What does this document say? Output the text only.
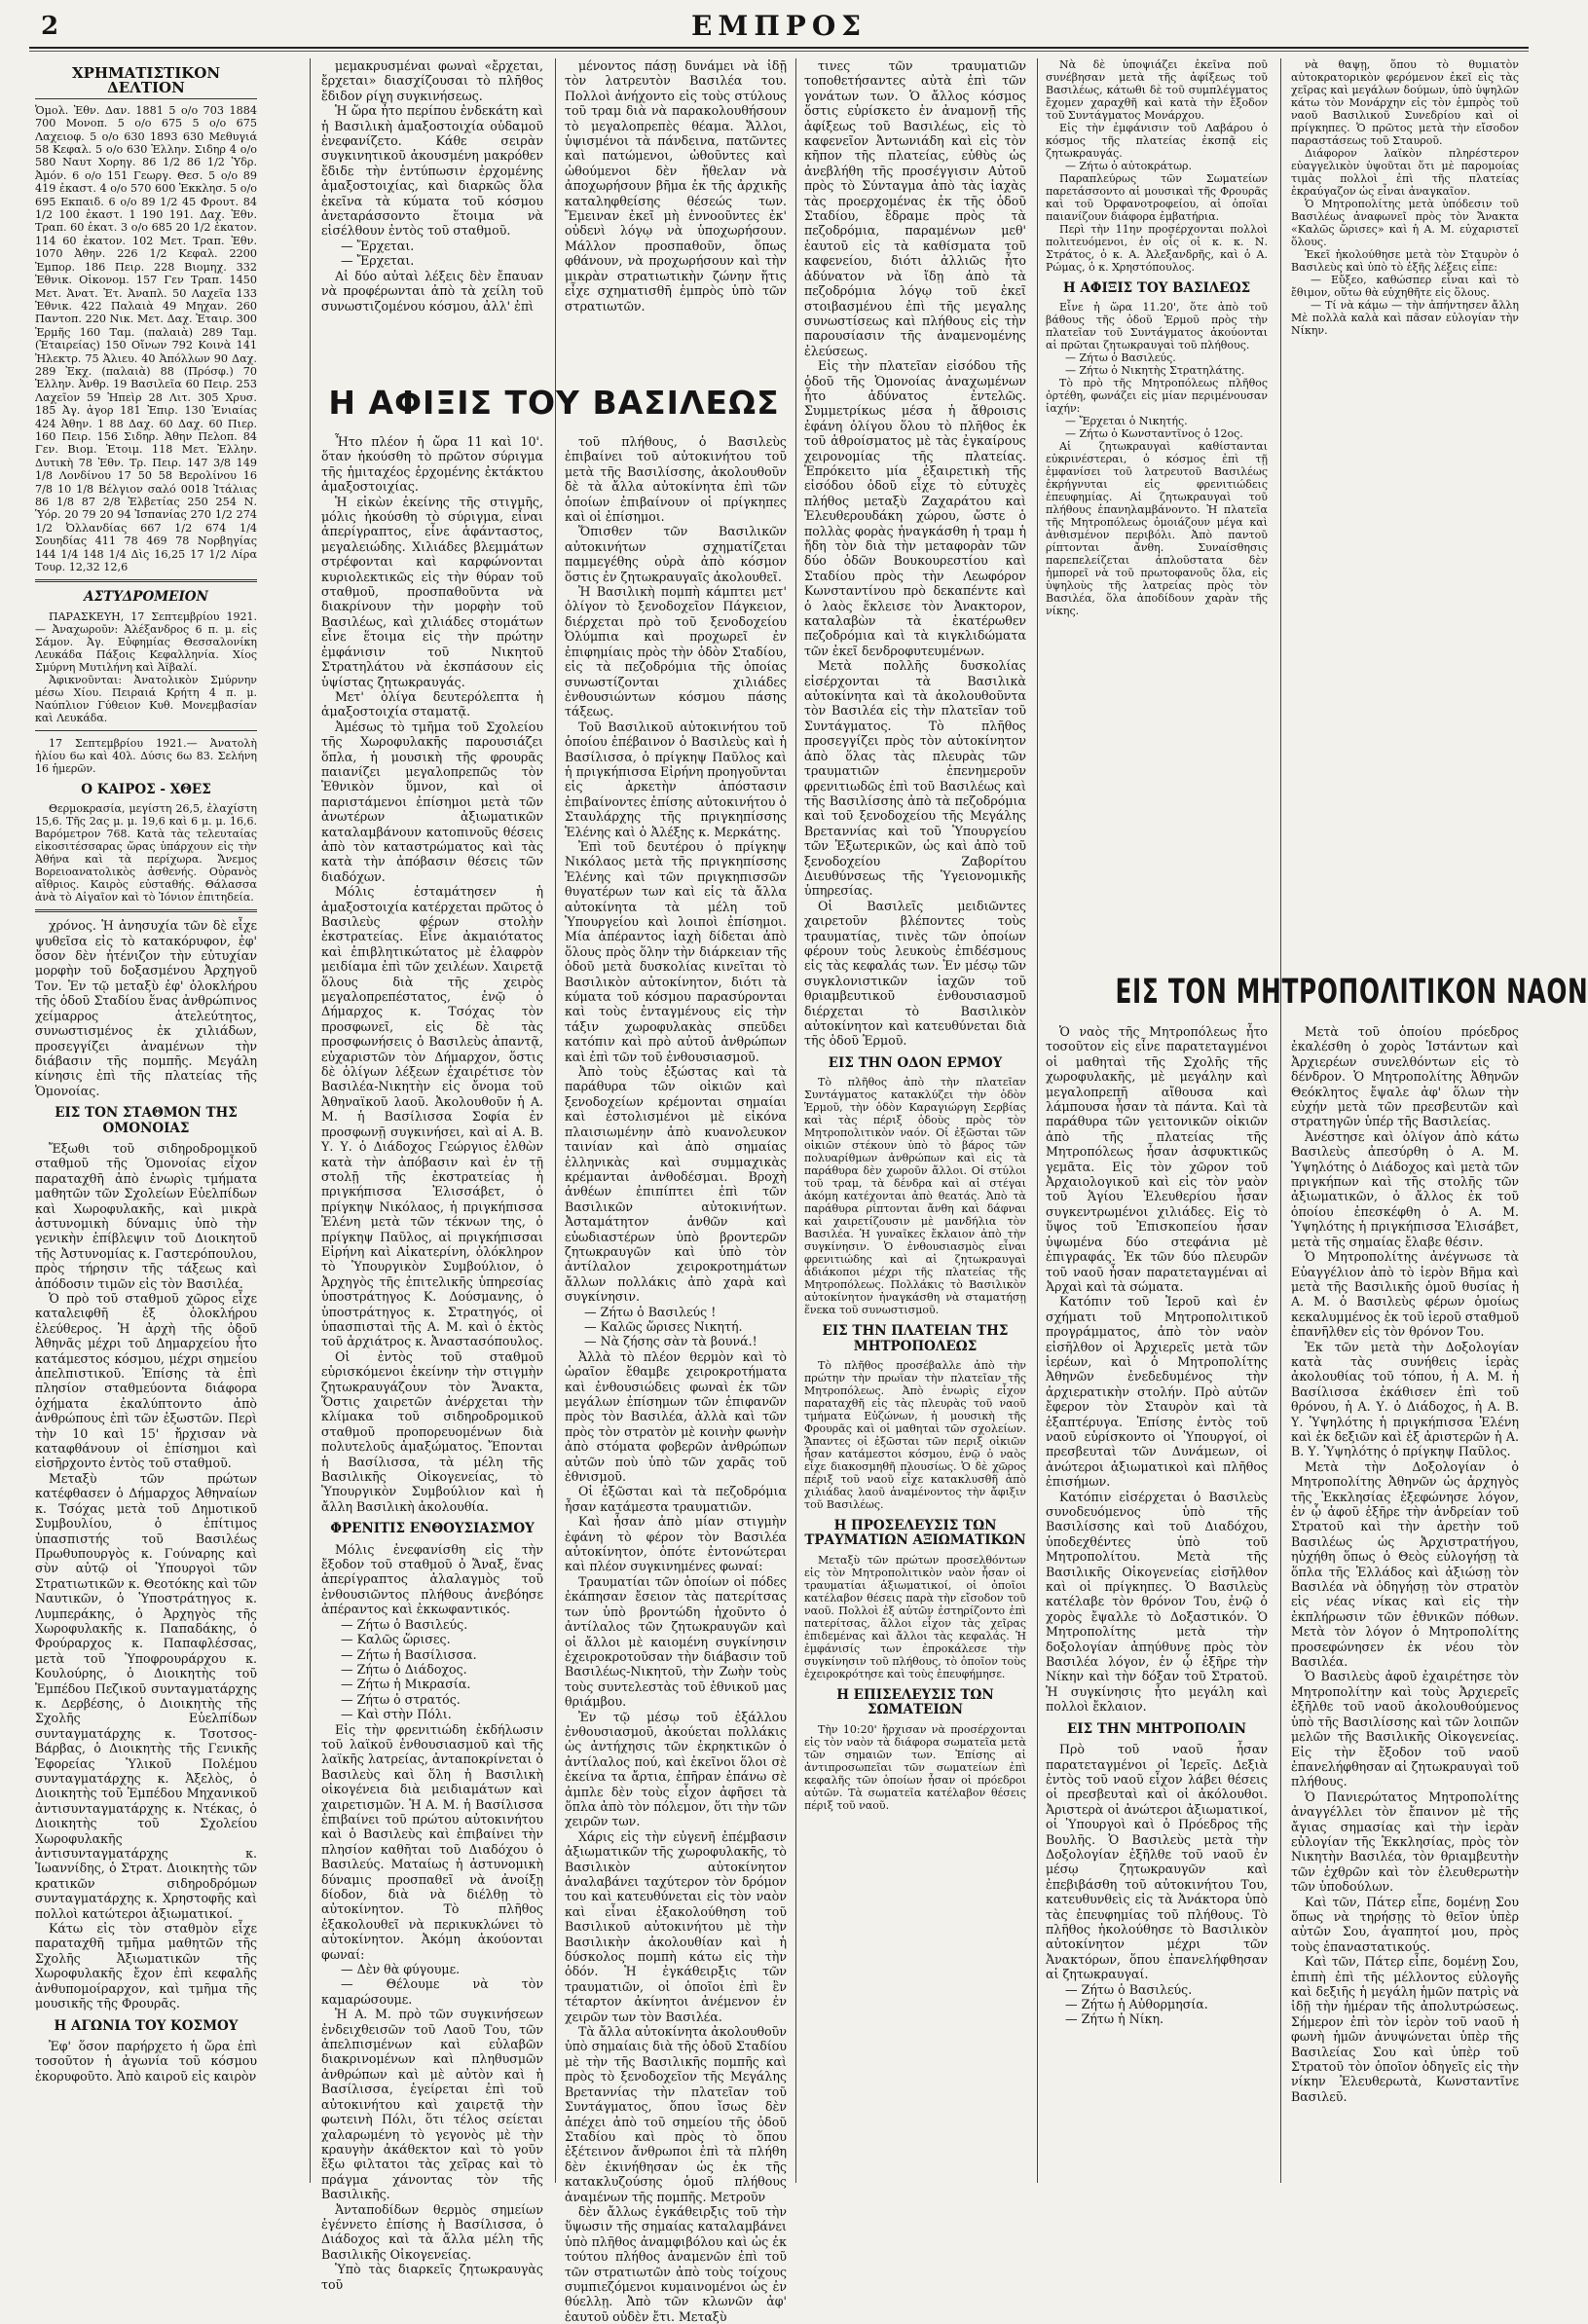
2	ΕΜΠΡΟΣ
ΧΡΗΜΑΤΙΣΤΙΚΟΝ ΔΕΛΤΙΟΝ

Ὁμολ. Ἐθν. Δαν. 1881 5 ο/ο 703 1884 700 Μονοπ. 5 ο/ο 675 5 ο/ο 675 Λαχειοφ. 5 ο/ο 630 1893 630 Μεθυγιά 58 Κεφαλ. 5 ο/ο 630 Ἑλλην. Σιδηρ 4 ο/ο 580 Ναυτ Χορηγ. 86 1/2 86 1/2 Ὑδρ. Ἀμόν. 6 ο/ο 151 Γεωργ. Θεσ. 5 ο/ο 89 419 ἐκαστ. 4 ο/ο 570 600 Ἐκκλησ. 5 ο/ο 695 Εκπαιδ. 6 ο/ο 89 1/2 45 Φρουτ. 84 1/2 100 ἐκαστ. 1 190 191. Δαχ. Ἐθν. Τραπ. 60 ἐκατ. 3 ο/ο 685 20 1/2 ἐκατον. 114 60 ἐκατον. 102 Μετ. Τραπ. Ἐθν. 1070 Ἀθην. 226 1/2 Κεφαλ. 2200 Ἐμπορ. 186 Πειρ. 228 Βιομηχ. 332 Ἐθνικ. Οἰκονομ. 157 Γεν Τραπ. 1450 Μετ. Ἀνατ. Ἐτ. Ἀναπλ. 50 Λαχεῖα 133 Ἐθνικ. 422 Παλαιὰ 49 Μηχαν. 260 Παντοπ. 220 Νικ. Μετ. Δαχ. Ἐταιρ. 300 Ἐρμῆς 160 Ταμ. (παλαιὰ) 289 Ταμ. (Ἑταιρείας) 150 Οἴνων 792 Κοινὰ 141 Ἠλεκτρ. 75 Ἀλιευ. 40 Ἀπόλλων 90 Δαχ. 289 Ἐκχ. (παλαιὰ) 88 (Πρόσφ.) 70 Ἑλλην. Ἀνθρ. 19 Βασιλεῖα 60 Πειρ. 253 Λαχεῖον 59 Ἡπεὶρ 28 Λιτ. 305 Χρυσ. 185 Ἀγ. ἀγορ 181 Ἐπιρ. 130 Ἐνιαίας 424 Ἀθην. 1 88 Δαχ. 60 Δαχ. 60 Πιερ. 160 Πειρ. 156 Σιδηρ. Ἀθην Πελοπ. 84 Γεν. Βιομ. Ἐτοιμ. 118 Μετ. Ἐλλην. Δυτικὴ 78 Ἐθν. Τρ. Πειρ. 147 3/8 149 1/8 Λονδίνου 17 50 58 Βερολίνου 16 7/8 10 1/8 Βέλγιον σαλό 0018 Ἰτάλιας 86 1/8 87 2/8 Ἑλβετίας 250 254 Ν. Ὑόρ. 20 79 20 94 Ἰσπανίας 270 1/2 274 1/2 Ὀλλανδίας 667 1/2 674 1/4 Σουηδίας 411 78 469 78 Νορβηγίας 144 1/4 148 1/4 Δὶς 16,25 17 1/2 Λίρα Τουρ. 12,32 12,6

ΑΣΤΥΔΡΟΜΕΙΟΝ

ΠΑΡΑΣΚΕΥΗ, 17 Σεπτεμβρίου 1921.— Ἀναχωροῦν: Ἀλέξανδρος 6 π. μ. εἰς Σάμον. Ἀγ. Εὐφημίας Θεσσαλονίκη Λευκάδα Πάξοις Κεφαλληνία. Χίος Σμύρνη Μυτιλήνη καὶ Ἀϊβαλί.

Ἀφικνοῦνται: Ἀνατολικὸν Σμύρνην μέσω Χίου. Πειραιά Κρήτη 4 π. μ. Ναύπλιον Γύθειον Κυθ. Μονεμβασίαν καὶ Λευκάδα.

17 Σεπτεμβρίου 1921.— Ἀνατολὴ ἡλίου 6ω καὶ 40λ. Δύσις 6ω 83. Σελήνη 16 ἡμερῶν.

Ο ΚΑΙΡΟΣ - ΧΘΕΣ

Θερμοκρασία, μεγίστη 26,5, ἐλαχίστη 15,6. Τῆς 2ας μ. μ. 19,6 καὶ 6 μ. μ. 16,6. Βαρόμετρον 768. Κατὰ τὰς τελευταίας εἰκοσιτέσσαρας ὥρας ὑπάρχουν εἰς τὴν Ἀθήνα καὶ τὰ περίχωρα. Ἄνεμος Βορειοανατολικὸς ἀσθενής. Οὐρανὸς αἴθριος. Καιρὸς εὐσταθής. Θάλασσα ἀνὰ τὸ Αἰγαῖον καὶ τὸ Ἰόνιον ἐπιτηδεία.

χρόνος. Ἡ ἀνησυχία τῶν δὲ εἶχε ψυθεῖσα εἰς τὸ κατακόρυφον, ἐφ' ὅσον δὲν ἠτένιζον τὴν εὐτυχίαν μορφὴν τοῦ δοξασμένου Ἀρχηγοῦ Τον. Ἐν τῷ μεταξὺ ἐφ' ὁλοκλήρου τῆς ὁδοῦ Σταδίου ἕνας ἀνθρώπινος χείμαρρος ἀτελεύτητος, συνωστισμένος ἐκ χιλιάδων, προσεγγίζει ἀναμένων τὴν διάβασιν τῆς πομπῆς. Μεγάλη κίνησις ἐπὶ τῆς πλατείας τῆς Ὁμονοίας.

ΕΙΣ ΤΟΝ ΣΤΑΘΜΟΝ ΤΗΣ ΟΜΟΝΟΙΑΣ

Ἔξωθι τοῦ σιδηροδρομικοῦ σταθμοῦ τῆς Ὁμονοίας εἶχον παραταχθῆ ἀπὸ ἐνωρὶς τμήματα μαθητῶν τῶν Σχολείων Εὐελπίδων καὶ Χωροφυλακῆς, καὶ μικρὰ ἀστυνομικὴ δύναμις ὑπὸ τὴν γενικὴν ἐπίβλεψιν τοῦ Διοικητοῦ τῆς Ἀστυνομίας κ. Γαστερόπουλου, πρὸς τήρησιν τῆς τάξεως καὶ ἀπόδοσιν τιμῶν εἰς τὸν Βασιλέα.

Ὁ πρὸ τοῦ σταθμοῦ χῶρος εἶχε καταλειφθῆ ἐξ ὁλοκλήρου ἐλεύθερος. Ἡ ἀρχὴ τῆς ὁδοῦ Ἀθηνᾶς μέχρι τοῦ Δημαρχείου ἦτο κατάμεστος κόσμου, μέχρι σημείου ἀπελπιστικοῦ. Ἐπίσης τὰ ἐπὶ πλησίον σταθμεύοντα διάφορα ὀχήματα ἐκαλύπτοντο ἀπὸ ἀνθρώπους ἐπὶ τῶν ἐξωστῶν. Περὶ τὴν 10 καὶ 15' ἤρχισαν νὰ καταφθάνουν οἱ ἐπίσημοι καὶ εἰσῆρχοντο ἐντὸς τοῦ σταθμοῦ.

Μεταξὺ τῶν πρώτων κατέφθασεν ὁ Δήμαρχος Ἀθηναίων κ. Τσόχας μετὰ τοῦ Δημοτικοῦ Συμβουλίου, ὁ ἐπίτιμος ὑπασπιστής τοῦ Βασιλέως Πρωθυπουργὸς κ. Γούναρης καὶ σὺν αὐτῷ οἱ Ὑπουργοὶ τῶν Στρατιωτικῶν κ. Θεοτόκης καὶ τῶν Ναυτικῶν, ὁ Ὑποστράτηγος κ. Λυμπεράκης, ὁ Ἀρχηγὸς τῆς Χωροφυλακῆς κ. Παπαδάκης, ὁ Φρούραρχος κ. Παπαφλέσσας, μετὰ τοῦ Ὑποφρουράρχου κ. Κουλούρης, ὁ Διοικητὴς τοῦ Ἐμπέδου Πεζικοῦ συνταγματάρχης κ. Δερβέσης, ὁ Διοικητὴς τῆς Σχολῆς Εὐελπίδων συνταγματάρχης κ. Τσοτσος-Βάρβας, ὁ Διοικητὴς τῆς Γενικῆς Ἐφορείας Ὑλικοῦ Πολέμου συνταγματάρχης κ. Ἀξελὸς, ὁ Διοικητὴς τοῦ Ἐμπέδου Μηχανικοῦ ἀντισυνταγματάρχης κ. Ντέκας, ὁ Διοικητὴς τοῦ Σχολείου Χωροφυλακῆς ἀντισυνταγματάρχης κ. Ἰωαννίδης, ὁ Στρατ. Διοικητὴς τῶν κρατικῶν σιδηροδρόμων συνταγματάρχης κ. Χρηστοφῆς καὶ πολλοὶ κατώτεροι ἀξιωματικοί.

Κάτω εἰς τὸν σταθμὸν εἶχε παραταχθῆ τμῆμα μαθητῶν τῆς Σχολῆς Ἀξιωματικῶν τῆς Χωροφυλακῆς ἔχον ἐπὶ κεφαλῆς ἀνθυπομοίραρχον, καὶ τμῆμα τῆς μουσικῆς τῆς Φρουρᾶς.

Η ΑΓΩΝΙΑ ΤΟΥ ΚΟΣΜΟΥ

Ἐφ' ὅσον παρήρχετο ἡ ὥρα ἐπὶ τοσοῦτον ἡ ἀγωνία τοῦ κόσμου ἐκορυφοῦτο. Ἀπὸ καιροῦ εἰς καιρὸν

μεμακρυσμέναι φωναὶ «ἔρχεται, ἔρχεται» διασχίζουσαι τὸ πλῆθος ἔδιδον ρίγη συγκινήσεως.

Ἡ ὥρα ἦτο περίπου ἐνδεκάτη καὶ ἡ Βασιλικὴ ἁμαξοστοιχία οὐδαμοῦ ἐνεφανίζετο. Κάθε σειρὰν συγκινητικοῦ ἀκουσμένη μακρόθεν ἔδιδε τὴν ἐντύπωσιν ἐρχομένης ἁμαξοστοιχίας, καὶ διαρκῶς ὅλα ἐκεῖνα τὰ κύματα τοῦ κόσμου ἀνεταράσσοντο ἕτοιμα νὰ εἰσέλθουν ἐντὸς τοῦ σταθμοῦ.

— Ἔρχεται.

— Ἔρχεται.

Αἱ δύο αὐταὶ λέξεις δὲν ἔπαυαν νὰ προφέρωνται ἀπὸ τὰ χείλη τοῦ συνωστιζομένου κόσμου, ἀλλ' ἐπὶ

μένοντος πάσῃ δυνάμει νὰ ἰδῇ τὸν λατρευτὸν Βασιλέα του. Πολλοὶ ἀνήχοντο εἰς τοὺς στύλους τοῦ τραμ διὰ νὰ παρακολουθήσουν τὸ μεγαλοπρεπὲς θέαμα. Ἄλλοι, ὑψισμένοι τὰ πάνδεινα, πατῶντες καὶ πατώμενοι, ὠθοῦντες καὶ ὠθούμενοι δὲν ἤθελαν νὰ ἀποχωρήσουν βῆμα ἐκ τῆς ἀρχικῆς καταληφθείσης θέσεώς των. Ἔμειναν ἐκεῖ μὴ ἐννοοῦντες ἐκ' οὐδενὶ λόγῳ νὰ ὑποχωρήσουν. Μάλλον προσπαθοῦν, ὅπως φθάνουν, νὰ προχωρήσουν καὶ τὴν μικρὰν στρατιωτικὴν ζώνην ἥτις εἶχε σχηματισθῆ ἐμπρὸς ὑπὸ τῶν στρατιωτῶν.

Η ΑΦΙΞΙΣ ΤΟΥ ΒΑΣΙΛΕΩΣ

Ἦτο πλέον ἡ ὥρα 11 καὶ 10'. ὅταν ἠκούσθη τὸ πρῶτον σύριγμα τῆς ἡμιταχέος ἐρχομένης ἐκτάκτου ἁμαξοστοιχίας.

Ἡ εἰκὼν ἐκείνης τῆς στιγμῆς, μόλις ἠκούσθη τὸ σύριγμα, εἶναι ἀπερίγραπτος, εἶνε ἀφάνταστος, μεγαλειώδης. Χιλιάδες βλεμμάτων στρέφονται καὶ καρφώνονται κυριολεκτικῶς εἰς τὴν θύραν τοῦ σταθμοῦ, προσπαθοῦντα νὰ διακρίνουν τὴν μορφὴν τοῦ Βασιλέως, καὶ χιλιάδες στομάτων εἶνε ἕτοιμα εἰς τὴν πρώτην ἐμφάνισιν τοῦ Νικητοῦ Στρατηλάτου νὰ ἐκσπάσουν εἰς ὑψίστας ζητωκραυγάς.

Μετ' ὀλίγα δευτερόλεπτα ἡ ἁμαξοστοιχία σταματᾷ.

Ἀμέσως τὸ τμῆμα τοῦ Σχολείου τῆς Χωροφυλακῆς παρουσιάζει ὅπλα, ἡ μουσικὴ τῆς φρουρᾶς παιανίζει μεγαλοπρεπῶς τὸν Ἐθνικὸν ὕμνον, καὶ οἱ παριστάμενοι ἐπίσημοι μετὰ τῶν ἀνωτέρων ἀξιωματικῶν καταλαμβάνουν κατοπινοῦς θέσεις ἀπὸ τὸν καταστρώματος καὶ τὰς κατὰ τὴν ἀπόβασιν θέσεις τῶν διαδόχων.

Μόλις ἐσταμάτησεν ἡ ἁμαξοστοιχία κατέρχεται πρῶτος ὁ Βασιλεὺς φέρων στολὴν ἐκστρατείας. Εἶνε ἀκμαιότατος καὶ ἐπιβλητικώτατος μὲ ἐλαφρὸν μειδίαμα ἐπὶ τῶν χειλέων. Χαιρετᾷ ὅλους διὰ τῆς χειρὸς μεγαλοπρεπέστατος, ἐνῷ ὁ Δήμαρχος κ. Τσόχας τὸν προσφωνεῖ, εἰς δὲ τὰς προσφωνήσεις ὁ Βασιλεὺς ἀπαντᾷ, εὐχαριστῶν τὸν Δήμαρχον, ὅστις δὲ ὁλίγων λέξεων ἐχαιρέτισε τὸν Βασιλέα-Νικητὴν εἰς ὄνομα τοῦ Ἀθηναϊκοῦ λαοῦ. Ἀκολουθοῦν ἡ Α. Μ. ἡ Βασίλισσα Σοφία ἐν προσφωνῇ συγκινήσει, καὶ αἱ Α. Β. Υ. Υ. ὁ Διάδοχος Γεώργιος ἐλθὼν κατὰ τὴν ἀπόβασιν καὶ ἐν τῇ στολῇ τῆς ἐκστρατείας ἡ πριγκήπισσα Ἐλισσάβετ, ὁ πρίγκηψ Νικόλαος, ἡ πριγκήπισσα Ἑλένη μετὰ τῶν τέκνων της, ὁ πρίγκηψ Παῦλος, αἱ πριγκήπισσαι Εἰρήνη καὶ Αἰκατερίνη, ὁλόκληρον τὸ Ὑπουργικὸν Συμβούλιον, ὁ Ἀρχηγὸς τῆς ἐπιτελικῆς ὑπηρεσίας ὑποστράτηγος Κ. Δούσμανης, ὁ ὑποστράτηγος κ. Στρατηγός, οἱ ὑπασπισταὶ τῆς Α. Μ. καὶ ὁ ἐκτὸς τοῦ ἀρχιάτρος κ. Ἀναστασόπουλος.

Οἱ ἐντὸς τοῦ σταθμοῦ εὑρισκόμενοι ἐκείνην τὴν στιγμὴν ζητωκραυγάζουν τὸν Ἄνακτα, Ὅστις χαιρετῶν ἀνέρχεται τὴν κλίμακα τοῦ σιδηροδρομικοῦ σταθμοῦ προπορευομένων διὰ πολυτελοῦς ἁμαξώματος. Ἔπονται ἡ Βασίλισσα, τὰ μέλη τῆς Βασιλικῆς Οἰκογενείας, τὸ Ὑπουργικὸν Συμβούλιον καὶ ἡ ἄλλη Βασιλικὴ ἀκολουθία.

ΦΡΕΝΙΤΙΣ ΕΝΘΟΥΣΙΑΣΜΟΥ

Μόλις ἐνεφανίσθη εἰς τὴν ἔξοδον τοῦ σταθμοῦ ὁ Ἄναξ, ἕνας ἀπερίγραπτος ἀλαλαγμὸς τοῦ ἐνθουσιῶντος πλήθους ἀνεβόησε ἀπέραντος καὶ ἐκκωφαντικός.

— Ζήτω ὁ Βασιλεύς.

— Καλῶς ὥρισες.

— Ζήτω ἡ Βασίλισσα.

— Ζήτω ὁ Διάδοχος.

— Ζήτω ἡ Μικρασία.

— Ζήτω ὁ στρατός.

— Καὶ στὴν Πόλι.

Εἰς τὴν φρενιτιώδη ἐκδήλωσιν τοῦ λαϊκοῦ ἐνθουσιασμοῦ καὶ τῆς λαϊκῆς λατρείας, ἀνταποκρίνεται ὁ Βασιλεὺς καὶ ὅλη ἡ Βασιλικὴ οἰκογένεια διὰ μειδιαμάτων καὶ χαιρετισμῶν. Ἡ Α. Μ. ἡ Βασίλισσα ἐπιβαίνει τοῦ πρώτου αὐτοκινήτου καὶ ὁ Βασιλεὺς καὶ ἐπιβαίνει τὴν πλησίον καθῆται τοῦ Διαδόχου ὁ Βασιλεύς. Ματαίως ἡ ἀστυνομικὴ δύναμις προσπαθεῖ νὰ ἀνοίξῃ δίοδον, διὰ νὰ διέλθῃ τὸ αὐτοκίνητον. Τὸ πλῆθος ἐξακολουθεῖ νὰ περικυκλώνει τὸ αὐτοκίνητον. Ἀκόμη ἀκούονται φωναί:

— Δὲν θὰ φύγουμε.

— Θέλουμε νὰ τὸν καμαρώσουμε.

Ἡ Α. Μ. πρὸ τῶν συγκινήσεων ἐνδειχθεισῶν τοῦ Λαοῦ Του, τῶν ἀπελπισμένων καὶ εὐλαβῶν διακρινομένων καὶ πληθυσμῶν ἀνθρώπων καὶ μὲ αὐτὸν καὶ ἡ Βασίλισσα, ἐγείρεται ἐπὶ τοῦ αὐτοκινήτου καὶ χαιρετᾷ τὴν φωτεινὴ Πόλι, ὅτι τέλος σείεται χαλαρωμένη τὸ γεγονὸς μὲ τὴν κραυγὴν ἀκάθεκτον καὶ τὸ γοῦν ἔξω φιλτατοι τὰς χεῖρας καὶ τὸ πράγμα χάνοντας τὸν τῆς Βασιλικῆς.

Ἀνταποδίδων θερμὸς σημείων ἐγέννετο ἐπίσης ἡ Βασίλισσα, ὁ Διάδοχος καὶ τὰ ἄλλα μέλη τῆς Βασιλικῆς Οἰκογενείας.

Ὑπὸ τὰς διαρκεῖς ζητωκραυγὰς τοῦ

τοῦ πλήθους, ὁ Βασιλεὺς ἐπιβαίνει τοῦ αὐτοκινήτου τοῦ μετὰ τῆς Βασιλίσσης, ἀκολουθοῦν δὲ τὰ ἄλλα αὐτοκίνητα ἐπὶ τῶν ὁποίων ἐπιβαίνουν οἱ πρίγκηπες καὶ οἱ ἐπίσημοι.

Ὅπισθεν τῶν Βασιλικῶν αὐτοκινήτων σχηματίζεται παμμεγέθης οὐρὰ ἀπὸ κόσμον ὅστις ἐν ζητωκραυγαῖς ἀκολουθεῖ.

Ἡ Βασιλικὴ πομπὴ κάμπτει μετ' ὀλίγον τὸ ξενοδοχεῖον Πάγκειον, διέρχεται πρὸ τοῦ ξενοδοχείου Ὀλύμπια καὶ προχωρεῖ ἐν ἐπιφημίαις πρὸς τὴν ὁδὸν Σταδίου, εἰς τὰ πεζοδρόμια τῆς ὁποίας συνωστίζονται χιλιάδες ἐνθουσιώντων κόσμου πάσης τάξεως.

Τοῦ Βασιλικοῦ αὐτοκινήτου τοῦ ὁποίου ἐπέβαινον ὁ Βασιλεὺς καὶ ἡ Βασίλισσα, ὁ πρίγκηψ Παῦλος καὶ ἡ πριγκήπισσα Εἰρήνη προηγοῦνται εἰς ἀρκετὴν ἀπόστασιν ἐπιβαίνοντες ἐπίσης αὐτοκινήτου ὁ Σταυλάρχης τῆς πριγκηπίσσης Ἑλένης καὶ ὁ Ἀλέξης κ. Μερκάτης.

Ἐπὶ τοῦ δευτέρου ὁ πρίγκηψ Νικόλαος μετὰ τῆς πριγκηπίσσης Ἑλένης καὶ τῶν πριγκηπισσῶν θυγατέρων των καὶ εἰς τὰ ἄλλα αὐτοκίνητα τὰ μέλη τοῦ Ὑπουργείου καὶ λοιποὶ ἐπίσημοι. Μία ἀπέραντος ἰαχὴ δίδεται ἀπὸ ὅλους πρὸς ὅλην τὴν διάρκειαν τῆς ὁδοῦ μετὰ δυσκολίας κινεῖται τὸ Βασιλικὸν αὐτοκίνητον, διότι τὰ κύματα τοῦ κόσμου παρασύρονται καὶ τοὺς ἐνταγμένους εἰς τὴν τάξιν χωροφυλακὰς σπεῦδει κατόπιν καὶ πρὸ αὐτοῦ ἀνθρώπων καὶ ἐπὶ τῶν τοῦ ἐνθουσιασμοῦ.

Ἀπὸ τοὺς ἐξώστας καὶ τὰ παράθυρα τῶν οἰκιῶν καὶ ξενοδοχείων κρέμονται σημαίαι καὶ ἐστολισμένοι μὲ εἰκόνα πλαισιωμένην ἀπὸ κυανολευκον ταινίαν καὶ ἀπὸ σημαίας ἑλληνικὰς καὶ συμμαχικὰς κρέμανται ἀνθοδέσμαι. Βροχὴ ἀνθέων ἐπιπίπτει ἐπὶ τῶν Βασιλικῶν αὐτοκινήτων. Ἀσταμάτητον ἀνθῶν καὶ εὐωδιαστέρων ὑπὸ βροντερῶν ζητωκραυγῶν καὶ ὑπὸ τὸν ἀντίλαλον χειροκροτημάτων ἄλλων πολλάκις ἀπὸ χαρὰ καὶ συγκίνησιν.

— Ζήτω ὁ Βασιλεύς !

— Καλῶς ὥρισες Νικητή.

— Νὰ ζήσης σὰν τὰ βουνά.!

Ἀλλὰ τὸ πλέον θερμὸν καὶ τὸ ὡραῖον ἔθαμβε χειροκροτήματα καὶ ἐνθουσιώδεις φωναὶ ἐκ τῶν μεγάλων ἐπίσημων τῶν ἐπιφανῶν πρὸς τὸν Βασιλέα, ἀλλὰ καὶ τῶν πρὸς τὸν στρατὸν μὲ κοινὴν φωνὴν ἀπὸ στόματα φοβερῶν ἀνθρώπων αὐτῶν ποὺ ὑπὸ τῶν χαρᾶς τοῦ ἐθνισμοῦ.

Οἱ ἐξῶσται καὶ τὰ πεζοδρόμια ἦσαν κατάμεστα τραυματιῶν.

Καὶ ἦσαν ἀπὸ μίαν στιγμὴν ἐφάνη τὸ φέρον τὸν Βασιλέα αὐτοκίνητον, ὁπότε ἐντονώτεραι καὶ πλέον συγκινημένες φωναί:

Τραυματίαι τῶν ὁποίων οἱ πόδες ἐκάπησαν ἔσειον τὰς πατερίτσας των ὑπὸ βροντώδη ἠχοῦντο ὁ ἀντίλαλος τῶν ζητωκραυγῶν καὶ οἱ ἄλλοι μὲ καιομένη συγκίνησιν ἐχειροκροτοῦσαν τὴν διάβασιν τοῦ Βασιλέως-Νικητοῦ, τὴν Ζωὴν τοὺς τοὺς συντελεστὰς τοῦ ἐθνικοῦ μας θριάμβου.

Ἐν τῷ μέσῳ τοῦ ἐξάλλου ἐνθουσιασμοῦ, ἀκούεται πολλάκις ὡς ἀντήχησις τῶν ἐκρηκτικῶν ὁ ἀντίλαλος πού, καὶ ἐκεῖνοι ὅλοι σὲ ἐκείνα τα ἄρτια, ἐπῆραν ἐπάνω σὲ ἀμπλε δὲν τοὺς εἶχον ἀφῆσει τὰ ὅπλα ἀπὸ τὸν πόλεμον, ὅτι τὴν τῶν χειρῶν των.

Χάρις εἰς τὴν εὐγενῆ ἐπέμβασιν ἀξιωματικῶν τῆς χωροφυλακῆς, τὸ Βασιλικὸν αὐτοκίνητον ἀναλαβάνει ταχύτερον τὸν δρόμον του καὶ κατευθύνεται εἰς τὸν ναὸν καὶ εἶναι ἐξακολούθηση τοῦ Βασιλικοῦ αὐτοκινήτου μὲ τὴν Βασιλικὴν ἀκολουθίαν καὶ ἡ δύσκολος πομπὴ κάτω εἰς τὴν ὁδόν. Ἡ ἐγκάθειρξις τῶν τραυματιῶν, οἱ ὁποῖοι ἐπὶ ἓν τέταρτον ἀκίνητοι ἀνέμενον ἐν χειρῶν των τὸν Βασιλέα.

Τὰ ἄλλα αὐτοκίνητα ἀκολουθοῦν ὑπὸ σημαίαις διὰ τῆς ὁδοῦ Σταδίου μὲ τὴν τῆς Βασιλικῆς πομπῆς καὶ πρὸς τὸ ξενοδοχεῖον τῆς Μεγάλης Βρεταννίας τὴν πλατεῖαν τοῦ Συντάγματος, ὅπου ἴσως δὲν ἀπέχει ἀπὸ τοῦ σημείου τῆς ὁδοῦ Σταδίου καὶ πρὸς τὸ ὅπου ἐξέτεινον ἄνθρωποι ἐπὶ τὰ πλήθη δὲν ἐκινήθησαν ὡς ἐκ τῆς κατακλυζούσης ὁμοῦ πλήθους ἀναμένων τῆς πομπῆς. Μετροῦν

δὲν ἄλλως ἐγκάθειρξις τοῦ τὴν ὕψωσιν τῆς σημαίας καταλαμβάνει ὑπὸ πλῆθος ἀναμφιβόλου καὶ ὡς ἐκ τούτου πλήθος ἀναμενῶν ἐπὶ τοῦ τῶν στρατιωτῶν ἀπὸ τοὺς τοίχους συμπιεζόμενοι κυμαινομένοι ὡς ἐν θύελλῃ. Ἀπὸ τῶν κλωνῶν ἀφ' ἑαυτοῦ οὐδὲν ἔτι. Μεταξὺ

τινες τῶν τραυματιῶν τοποθετήσαντες αὐτὰ ἐπὶ τῶν γονάτων των. Ὁ ἄλλος κόσμος ὅστις εὑρίσκετο ἐν ἀναμονῇ τῆς ἀφίξεως τοῦ Βασιλέως, εἰς τὸ καφενεῖον Ἀντωνιάδη καὶ εἰς τὸν κῆπον τῆς πλατείας, εὐθὺς ὡς ἀνεβλήθη τῆς προσέγγισιν Αὐτοῦ πρὸς τὸ Σύνταγμα ἀπὸ τὰς ἰαχὰς τὰς προερχομένας ἐκ τῆς ὁδοῦ Σταδίου, ἔδραμε πρὸς τὰ πεζοδρόμια, παραμένων μεθ' ἑαυτοῦ εἰς τὰ καθίσματα τοῦ καφενείου, διότι ἀλλιῶς ἦτο ἀδύνατον νὰ ἴδῃ ἀπὸ τὰ πεζοδρόμια λόγῳ τοῦ ἐκεῖ στοιβασμένου ἐπὶ τῆς μεγαλης συνωστίσεως καὶ πλήθους εἰς τὴν παρουσίασιν τῆς ἀναμενομένης ἐλεύσεως.

Εἰς τὴν πλατεῖαν εἰσόδου τῆς ὁδοῦ τῆς Ὁμονοίας ἀναχωμένων ἦτο ἀδύνατος ἐντελῶς. Συμμετρίκως μέσα ἡ ἄθροισις ἐφάνη ὀλίγου ὅλου τὸ πλῆθος ἐκ τοῦ ἀθροίσματος μὲ τὰς ἐγκαίρους χειρονομίας τῆς πλατείας. Ἐπρόκειτο μία ἐξαιρετικὴ τῆς εἰσόδου ὁδοῦ εἶχε τὸ εὐτυχὲς πλήθος μεταξὺ Ζαχαράτου καὶ Ἑλευθερουδάκη χώρου, ὥστε ὁ πολλὰς φορὰς ἠναγκάσθη ἡ τραμ ἡ ἤδη τὸν διὰ τὴν μεταφορὰν τῶν δύο ὁδῶν Βουκουρεστίου καὶ Σταδίου πρὸς τὴν Λεωφόρον Κωνσταντίνου πρὸ δεκαπέντε καὶ ὁ λαὸς ἕκλεισε τὸν Ἀνακτορον, καταλαβὼν τὰ ἑκατέρωθεν πεζοδρόμια καὶ τὰ κιγκλιδώματα τῶν ἐκεῖ δενδροφυτευμένων.

Μετὰ πολλῆς δυσκολίας εἰσέρχονται τὰ Βασιλικὰ αὐτοκίνητα καὶ τὰ ἀκολουθοῦντα τὸν Βασιλέα εἰς τὴν πλατεῖαν τοῦ Συντάγματος. Τὸ πλῆθος προσεγγίζει πρὸς τὸν αὐτοκίνητον ἀπὸ ὅλας τὰς πλευρὰς τῶν τραυματιῶν ἐπενημεροῦν φρενιτιωδῶς ἐπὶ τοῦ Βασιλέως καὶ τῆς Βασιλίσσης ἀπὸ τὰ πεζοδρόμια καὶ τοῦ ξενοδοχείου τῆς Μεγάλης Βρεταννίας καὶ τοῦ Ὑπουργείου τῶν Ἐξωτερικῶν, ὡς καὶ ἀπὸ τοῦ ξενοδοχείου Ζαβορίτου Διευθύνσεως τῆς Ὑγειονομικῆς ὑπηρεσίας.

Οἱ Βασιλεῖς μειδιῶντες χαιρετοῦν βλέποντες τοὺς τραυματίας, τινὲς τῶν ὁποίων φέρουν τοὺς λευκοὺς ἐπιδέσμους εἰς τὰς κεφαλάς των. Ἐν μέσῳ τῶν συγκλονιστικῶν ἰαχῶν τοῦ θριαμβευτικοῦ ἐνθουσιασμοῦ διέρχεται τὸ Βασιλικὸν αὐτοκίνητον καὶ κατευθύνεται διὰ τῆς ὁδοῦ Ἑρμοῦ.

ΕΙΣ ΤΗΝ ΟΔΟΝ ΕΡΜΟΥ

Τὸ πλῆθος ἀπὸ τὴν πλατεῖαν Συντάγματος κατακλύζει τὴν ὁδὸν Ἑρμοῦ, τὴν ὁδὸν Καραγιώργη Σερβίας καὶ τὰς πέριξ ὁδοὺς πρὸς τὸν Μητροπολιτικὸν ναόν. Οἱ ἐξῶσται τῶν οἰκιῶν στέκουν ὑπὸ τὸ βάρος τῶν πολυαρίθμων ἀνθρώπων καὶ εἰς τὰ παράθυρα δὲν χωροῦν ἄλλοι. Οἱ στύλοι τοῦ τραμ, τὰ δένδρα καὶ αἱ στέγαι ἀκόμη κατέχονται ἀπὸ θεατάς. Ἀπὸ τὰ παράθυρα ρίπτονται ἄνθη καὶ δάφναι καὶ χαιρετίζουσιν μὲ μανδήλια τὸν Βασιλέα. Ἡ γυναῖκες ἔκλαιον ἀπὸ τὴν συγκίνησιν. Ὁ ἐνθουσιασμὸς εἶναι φρενιτιώδης καὶ αἱ ζητωκραυγαὶ ἀδιάκοποι μέχρι τῆς πλατείας τῆς Μητροπόλεως. Πολλάκις τὸ Βασιλικὸν αὐτοκίνητον ἠναγκάσθη νὰ σταματήσῃ ἕνεκα τοῦ συνωστισμοῦ.

ΕΙΣ ΤΗΝ ΠΛΑΤΕΙΑΝ ΤΗΣ ΜΗΤΡΟΠΟΛΕΩΣ

Τὸ πλῆθος προσέβαλλε ἀπὸ τὴν πρώτην τὴν πρωΐαν τὴν πλατεῖαν τῆς Μητροπόλεως. Ἀπὸ ἐνωρὶς εἶχον παραταχθῆ εἰς τὰς πλευρὰς τοῦ ναοῦ τμήματα Εὐζώνων, ἡ μουσικὴ τῆς Φρουρᾶς καὶ οἱ μαθηταὶ τῶν σχολείων. Ἅπαντες οἱ ἐξῶσται τῶν περιξ οἰκιῶν ἦσαν κατάμεστοι κόσμου, ἐνῷ ὁ ναὸς εἶχε διακοσμηθῆ πλουσίως. Ὁ δὲ χῶρος πέριξ τοῦ ναοῦ εἶχε κατακλυσθῆ ἀπὸ χιλιάδας λαοῦ ἀναμένοντος τὴν ἄφιξιν τοῦ Βασιλέως.

Η ΠΡΟΣΕΛΕΥΣΙΣ ΤΩΝ ΤΡΑΥΜΑΤΙΩΝ ΑΞΙΩΜΑΤΙΚΩΝ

Μεταξὺ τῶν πρώτων προσελθόντων εἰς τὸν Μητροπολιτικὸν ναὸν ἦσαν οἱ τραυματίαι ἀξιωματικοί, οἱ ὁποῖοι κατέλαβον θέσεις παρὰ τὴν εἴσοδον τοῦ ναοῦ. Πολλοὶ ἐξ αὐτῶν ἐστηρίζοντο ἐπὶ πατερίτσας, ἄλλοι εἶχον τὰς χεῖρας ἐπιδεμένας καὶ ἄλλοι τὰς κεφαλάς. Ἡ ἐμφάνισίς των ἐπροκάλεσε τὴν συγκίνησιν τοῦ πλήθους, τὸ ὁποῖον τοὺς ἐχειροκρότησε καὶ τοὺς ἐπευφήμησε.

Η ΕΠΙΣΕΛΕΥΣΙΣ ΤΩΝ ΣΩΜΑΤΕΙΩΝ

Τὴν 10:20' ἤρχισαν νὰ προσέρχονται εἰς τὸν ναὸν τὰ διάφορα σωματεῖα μετὰ τῶν σημαιῶν των. Ἐπίσης αἱ ἀντιπροσωπεῖαι τῶν σωματείων ἐπὶ κεφαλῆς τῶν ὁποίων ἦσαν οἱ πρόεδροι αὐτῶν. Τὰ σωματεῖα κατέλαβον θέσεις πέριξ τοῦ ναοῦ.

Νὰ δὲ ὑποψιάζει ἐκεῖνα ποῦ συνέβησαν μετὰ τῆς ἀφίξεως τοῦ Βασιλέως, κάτωθι δὲ τοῦ συμπλέγματος ἔχομεν χαραχθῆ καὶ κατὰ τὴν ἔξοδον τοῦ Συντάγματος Μονάρχου.

Εἰς τὴν ἐμφάνισιν τοῦ Λαβάρου ὁ κόσμος τῆς πλατείας ἐκσπᾷ εἰς ζητωκραυγάς.

— Ζήτω ὁ αὐτοκράτωρ.

Παραπλεύρως τῶν Σωματείων παρετάσσοντο αἱ μουσικαὶ τῆς Φρουρᾶς καὶ τοῦ Ὀρφανοτροφείου, αἱ ὁποῖαι παιανίζουν διάφορα ἐμβατήρια.

Περὶ τὴν 11ην προσέρχονται πολλοὶ πολιτευόμενοι, ἐν οἷς οἱ κ. κ. Ν. Στράτος, ὁ κ. Α. Ἀλεξανδρῆς, καὶ ὁ Α. Ρώμας, ὁ κ. Χρηστόπουλος.

Η ΑΦΙΞΙΣ ΤΟΥ ΒΑΣΙΛΕΩΣ

Εἶνε ἡ ὥρα 11.20', ὅτε ἀπὸ τοῦ βάθους τῆς ὁδοῦ Ἑρμοῦ πρὸς τὴν πλατεῖαν τοῦ Συντάγματος ἀκούονται αἱ πρῶται ζητωκραυγαὶ τοῦ πλήθους.

— Ζήτω ὁ Βασιλεύς.

— Ζήτω ὁ Νικητὴς Στρατηλάτης.

Τὸ πρὸ τῆς Μητροπόλεως πλῆθος ὀρτέθη, φωνάζει εἰς μίαν περιμένουσαν ἰαχήν:

— Ἔρχεται ὁ Νικητής.

— Ζήτω ὁ Κωνσταντῖνος ὁ 12ος.

Αἱ ζητωκραυγαὶ καθίστανται εὐκρινέστεραι, ὁ κόσμος ἐπὶ τῇ ἐμφανίσει τοῦ λατρευτοῦ Βασιλέως ἐκρήγνυται εἰς φρενιτιώδεις ἐπευφημίας. Αἱ ζητωκραυγαὶ τοῦ πλήθους ἐπανηλαμβάνοντο. Ἡ πλατεῖα τῆς Μητροπόλεως ὁμοιάζουν μέγα καὶ ἀνθισμένον περιβόλι. Ἀπὸ παντοῦ ρίπτονται ἄνθη. Συναίσθησις παρεπελείζεται ἁπλοῦστατα δὲν ἠμπορεῖ νὰ τοῦ πρωτοφανοῦς ὅλα, εἰς ὑψηλοὺς τῆς λατρείας πρὸς τὸν Βασιλέα, ὅλα ἀποδίδουν χαρὰν τῆς νίκης.

νὰ θαψῃ, ὅπου τὸ θυμιατὸν αὐτοκρατορικὸν φερόμενον ἐκεῖ εἰς τὰς χεῖρας καὶ μεγάλων δούμων, ὑπὸ ὑψηλῶν κάτω τὸν Μονάρχην εἰς τὸν ἐμπρὸς τοῦ ναοῦ Βασιλικοῦ Συνεδρίου καὶ οἱ πρίγκηπες. Ὁ πρῶτος μετὰ τὴν εἴσοδον παραστάσεως τοῦ Σταυροῦ.

Διάφορον λαϊκὸν πληρέστερον εὐαγγελικὸν ὑψοῦται ὅτι μὲ παρομοίας τιμὰς πολλοὶ ἐπὶ τῆς πλατείας ἐκραύγαζον ὡς εἶναι ἀναγκαῖον.

Ὁ Μητροπολίτης μετὰ ὑπόδεσιν τοῦ Βασιλέως ἀναφωνεῖ πρὸς τὸν Ἄνακτα «Καλῶς ὥρισες» καὶ ἡ Α. Μ. εὐχαριστεῖ ὅλους.

Ἐκεῖ ἠκολούθησε μετὰ τὸν Σταυρὸν ὁ Βασιλεὺς καὶ ὑπὸ τὸ ἑξῆς λέξεις εἶπε:

— Εὔξεο, καθώσπερ εἶναι καὶ τὸ ἔθιμον, οὕτω θὰ εὐχηθῆτε εἰς ὅλους.

— Τί νὰ κάμω — τὴν ἀπήντησεν ἄλλη Μὲ πολλὰ καλὰ καὶ πᾶσαν εὐλογίαν τὴν Νίκην.

ΕΙΣ ΤΟΝ ΜΗΤΡΟΠΟΛΙΤΙΚΟΝ ΝΑΟΝ

Ὁ ναὸς τῆς Μητροπόλεως ἦτο τοσοῦτον εἰς εἶνε παρατεταγμένοι οἱ μαθηταὶ τῆς Σχολῆς τῆς χωροφυλακῆς, μὲ μεγάλην καὶ μεγαλοπρεπῆ αἴθουσα καὶ λάμπουσα ἦσαν τὰ πάντα. Καὶ τὰ παράθυρα τῶν γειτονικῶν οἰκιῶν ἀπὸ τῆς πλατείας τῆς Μητροπόλεως ἦσαν ἀσφυκτικῶς γεμᾶτα. Εἰς τὸν χῶρον τοῦ Ἀρχαιολογικοῦ καὶ εἰς τὸν ναὸν τοῦ Ἁγίου Ἐλευθερίου ἦσαν συγκεντρωμένοι χιλιάδες. Εἰς τὸ ὕψος τοῦ Ἐπισκοπείου ἦσαν ὑψωμένα δύο στεφάνια μὲ ἐπιγραφάς. Ἐκ τῶν δύο πλευρῶν τοῦ ναοῦ ἦσαν παρατεταγμέναι αἱ Ἀρχαὶ καὶ τὰ σώματα.

Κατόπιν τοῦ Ἱεροῦ καὶ ἐν σχήματι τοῦ Μητροπολιτικοῦ προγράμματος, ἀπὸ τὸν ναὸν εἰσῆλθον οἱ Ἀρχιερεῖς μετὰ τῶν ἱερέων, καὶ ὁ Μητροπολίτης Ἀθηνῶν ἐνεδεδυμένος τὴν ἀρχιερατικὴν στολήν. Πρὸ αὐτῶν ἔφερον τὸν Σταυρὸν καὶ τὰ ἑξαπτέρυγα. Ἐπίσης ἐντὸς τοῦ ναοῦ εὑρίσκοντο οἱ Ὑπουργοί, οἱ πρεσβευταὶ τῶν Δυνάμεων, οἱ ἀνώτεροι ἀξιωματικοὶ καὶ πλῆθος ἐπισήμων.

Κατόπιν εἰσέρχεται ὁ Βασιλεὺς συνοδευόμενος ὑπὸ τῆς Βασιλίσσης καὶ τοῦ Διαδόχου, ὑποδεχθέντες ὑπὸ τοῦ Μητροπολίτου. Μετὰ τῆς Βασιλικῆς Οἰκογενείας εἰσῆλθον καὶ οἱ πρίγκηπες. Ὁ Βασιλεὺς κατέλαβε τὸν θρόνον Του, ἐνῷ ὁ χορὸς ἔψαλλε τὸ Δοξαστικόν. Ὁ Μητροπολίτης μετὰ τὴν δοξολογίαν ἀπηύθυνε πρὸς τὸν Βασιλέα λόγον, ἐν ᾧ ἐξῆρε τὴν Νίκην καὶ τὴν δόξαν τοῦ Στρατοῦ. Ἡ συγκίνησις ἦτο μεγάλη καὶ πολλοὶ ἔκλαιον.

ΕΙΣ ΤΗΝ ΜΗΤΡΟΠΟΛΙΝ

Πρὸ τοῦ ναοῦ ἦσαν παρατεταγμένοι οἱ Ἱερεῖς. Δεξιὰ ἐντὸς τοῦ ναοῦ εἶχον λάβει θέσεις οἱ πρεσβευταὶ καὶ οἱ ἀκόλουθοι. Ἀριστερὰ οἱ ἀνώτεροι ἀξιωματικοί, οἱ Ὑπουργοὶ καὶ ὁ Πρόεδρος τῆς Βουλῆς. Ὁ Βασιλεὺς μετὰ τὴν Δοξολογίαν ἐξῆλθε τοῦ ναοῦ ἐν μέσῳ ζητωκραυγῶν καὶ ἐπεβιβάσθη τοῦ αὐτοκινήτου Του, κατευθυνθεὶς εἰς τὰ Ἀνάκτορα ὑπὸ τὰς ἐπευφημίας τοῦ πλήθους. Τὸ πλῆθος ἠκολούθησε τὸ Βασιλικὸν αὐτοκίνητον μέχρι τῶν Ἀνακτόρων, ὅπου ἐπανελήφθησαν αἱ ζητωκραυγαί.

— Ζήτω ὁ Βασιλεύς.

— Ζήτω ἡ Αὐθορμησία.

— Ζήτω ἡ Νίκη.

Μετὰ τοῦ ὁποίου πρόεδρος ἐκαλέσθη ὁ χορὸς Ἰστάντων καὶ Ἀρχιερέων συνελθόντων εἰς τὸ δένδρον. Ὁ Μητροπολίτης Ἀθηνῶν Θεόκλητος ἔψαλε ἀφ' ὅλων τὴν εὐχήν μετὰ τῶν πρεσβευτῶν καὶ στρατηγῶν ὑπέρ τῆς Βασιλείας.

Ἀνέστησε καὶ ὀλίγον ἀπὸ κάτω Βασιλεὺς ἀπεσύρθη ὁ Α. Μ. Ὑψηλότης ὁ Διάδοχος καὶ μετὰ τῶν πριγκήπων καὶ τῆς στολῆς τῶν ἀξιωματικῶν, ὁ ἄλλος ἐκ τοῦ ὁποίου ἐπεσκέφθη ὁ Α. Μ. Ὑψηλότης ἡ πριγκήπισσα Ἑλισάβετ, μετὰ τῆς σημαίας ἔλαβε θέσιν.

Ὁ Μητροπολίτης ἀνέγνωσε τὰ Εὐαγγέλιον ἀπὸ τὸ ἱερὸν Βῆμα καὶ μετὰ τῆς Βασιλικῆς ὁμοῦ θυσίας ἡ Α. Μ. ὁ Βασιλεὺς φέρων ὁμοίως κεκαλυμμένος ἐκ τοῦ ἱεροῦ σταθμοῦ ἐπανῆλθεν εἰς τὸν θρόνον Του.

Ἐκ τῶν μετὰ τὴν Δοξολογίαν κατὰ τὰς συνήθεις ἱερὰς ἀκολουθίας τοῦ τόπου, ἡ Α. Μ. ἡ Βασίλισσα ἐκάθισεν ἐπὶ τοῦ θρόνου, ἡ Α. Υ. ὁ Διάδοχος, ἡ Α. Β. Υ. Ὑψηλότης ἡ πριγκήπισσα Ἑλένη καὶ ἐκ δεξιῶν καὶ ἐξ ἀριστερῶν ἡ Α. Β. Υ. Ὑψηλότης ὁ πρίγκηψ Παῦλος.

Μετὰ τὴν Δοξολογίαν ὁ Μητροπολίτης Ἀθηνῶν ὡς ἀρχηγὸς τῆς Ἐκκλησίας ἐξεφώνησε λόγον, ἐν ᾧ ἀφοῦ ἐξῆρε τὴν ἀνδρείαν τοῦ Στρατοῦ καὶ τὴν ἀρετὴν τοῦ Βασιλέως ὡς Ἀρχιστρατήγου, ηὐχήθη ὅπως ὁ Θεὸς εὐλογήσῃ τὰ ὅπλα τῆς Ἑλλάδος καὶ ἀξιώσῃ τὸν Βασιλέα νὰ ὁδηγήσῃ τὸν στρατὸν εἰς νέας νίκας καὶ εἰς τὴν ἐκπλήρωσιν τῶν ἐθνικῶν πόθων. Μετὰ τὸν λόγον ὁ Μητροπολίτης προσεφώνησεν ἐκ νέου τὸν Βασιλέα.

Ὁ Βασιλεὺς ἀφοῦ ἐχαιρέτησε τὸν Μητροπολίτην καὶ τοὺς Ἀρχιερεῖς ἐξῆλθε τοῦ ναοῦ ἀκολουθούμενος ὑπὸ τῆς Βασιλίσσης καὶ τῶν λοιπῶν μελῶν τῆς Βασιλικῆς Οἰκογενείας. Εἰς τὴν ἔξοδον τοῦ ναοῦ ἐπανελήφθησαν αἱ ζητωκραυγαὶ τοῦ πλήθους.

Ὁ Πανιερώτατος Μητροπολίτης ἀναγγέλλει τὸν ἔπαινον μὲ τῆς ἄγιας σημασίας καὶ τὴν ἱερὰν εὐλογίαν τῆς Ἐκκλησίας, πρὸς τὸν Νικητὴν Βασιλέα, τὸν θριαμβευτὴν τῶν ἐχθρῶν καὶ τὸν ἐλευθερωτὴν τῶν ὑποδούλων.

Καὶ τῶν, Πάτερ εἶπε, δομένῃ Σου ὅπως νὰ τηρήσῃς τὸ θεῖον ὑπὲρ αὐτῶν Σου, ἀγαπητοί μου, πρὸς τοὺς ἐπαναστατικούς.

Καὶ τῶν, Πάτερ εἶπε, δομένῃ Σου, ἐπιπὴ ἐπὶ τῆς μέλλοντος εὐλογῆς καὶ δεξιῆς ἡ μεγάλη ἡμῶν πατρὶς νὰ ἰδῇ τὴν ἡμέραν τῆς ἀπολυτρώσεως. Σήμερον ἐπὶ τὸν ἱερὸν τοῦ ναοῦ ἡ φωνὴ ἡμῶν ἀνυψώνεται ὑπὲρ τῆς Βασιλείας Σου καὶ ὑπὲρ τοῦ Στρατοῦ τὸν ὁποῖον ὁδηγεῖς εἰς τὴν νίκην Ἐλευθερωτὰ, Κωνσταντῖνε Βασιλεῦ.
